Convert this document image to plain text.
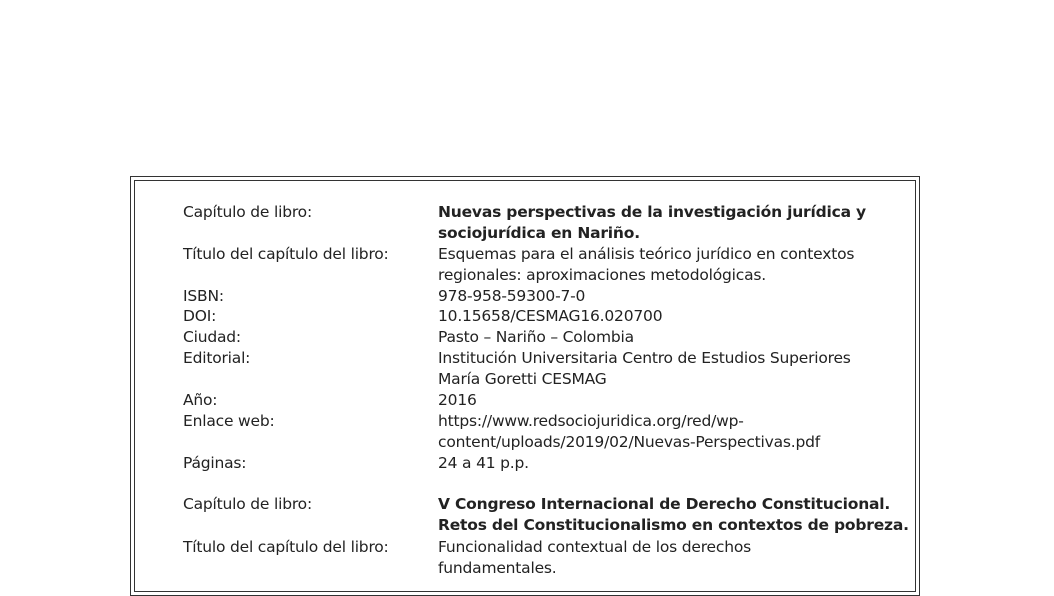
Capítulo de libro:	Nuevas perspectivas de la investigación jurídica y
sociojurídica en Nariño.
Título del capítulo del libro:	Esquemas para el análisis teórico jurídico en contextos
regionales: aproximaciones metodológicas.
ISBN:	978-958-59300-7-0
DOI:	10.15658/CESMAG16.020700
Ciudad:	Pasto – Nariño – Colombia
Editorial:	Institución Universitaria Centro de Estudios Superiores
María Goretti CESMAG
Año:	2016
Enlace web:	https://www.redsociojuridica.org/red/wp-
content/uploads/2019/02/Nuevas-Perspectivas.pdf
Páginas:	24 a 41 p.p.
Capítulo de libro:	V Congreso Internacional de Derecho Constitucional.
Retos del Constitucionalismo en contextos de pobreza.
Título del capítulo del libro:	Funcionalidad contextual de los derechos
fundamentales.
